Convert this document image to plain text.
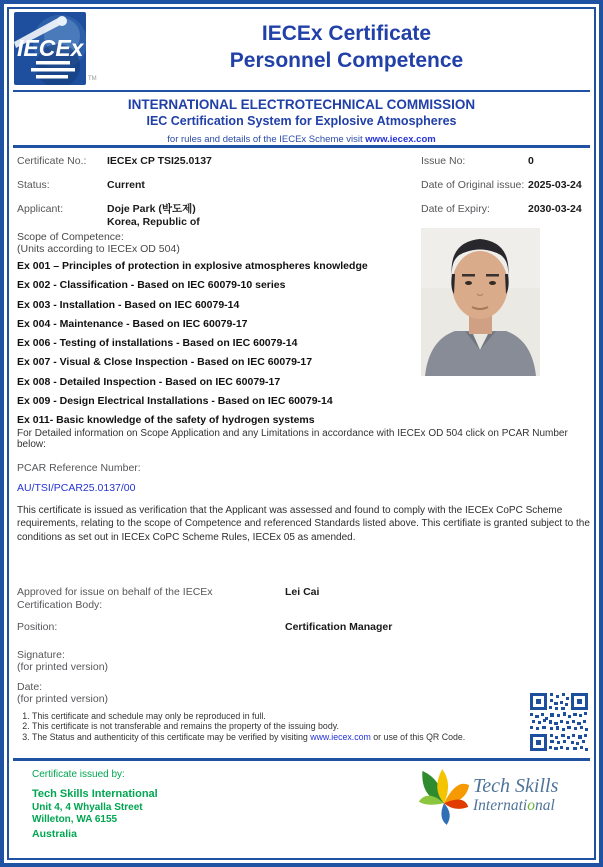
IECEx
TM
IECEx Certificate
Personnel Competence
INTERNATIONAL ELECTROTECHNICAL COMMISSION
IEC Certification System for Explosive Atmospheres
for rules and details of the IECEx Scheme visit www.iecex.com
Certificate No.: IECEx CP TSI25.0137	Issue No:	0
Status:	Current	Date of Original issue: 2025-03-24
Applicant:	Doje Park (박도제)
Korea, Republic of
Date of Expiry:	2030-03-24
Scope of Competence:
(Units according to IECEx OD 504)
Ex 001 – Principles of protection in explosive atmospheres knowledge
Ex 002 - Classification - Based on IEC 60079-10 series
Ex 003 - Installation - Based on IEC 60079-14
Ex 004 - Maintenance - Based on IEC 60079-17
Ex 006 - Testing of installations - Based on IEC 60079-14
Ex 007 - Visual & Close Inspection - Based on IEC 60079-17
Ex 008 - Detailed Inspection - Based on IEC 60079-17
Ex 009 - Design Electrical Installations - Based on IEC 60079-14
Ex 011- Basic knowledge of the safety of hydrogen systems
For Detailed information on Scope Application and any Limitations in accordance with IECEx OD 504 click on PCAR Number below:
PCAR Reference Number:
AU/TSI/PCAR25.0137/00
This certificate is issued as verification that the Applicant was assessed and found to comply with the IECEx CoPC Scheme requirements, relating to the scope of Competence and referenced Standards listed above. This certifiate is granted subject to the conditions as set out in IECEx CoPC Scheme Rules, IECEx 05 as amended.
Approved for issue on behalf of the IECEx Certification Body:
Lei Cai
Position:	Certification Manager
Signature:
(for printed version)
Date:
(for printed version)
1. This certificate and schedule may only be reproduced in full.
2. This certificate is not transferable and remains the property of the issuing body.
3. The Status and authenticity of this certificate may be verified by visiting www.iecex.com or use of this QR Code.
Certificate issued by:
Tech Skills International
Unit 4, 4 Whyalla Street
Willeton, WA 6155
Australia
Tech Skills
International
